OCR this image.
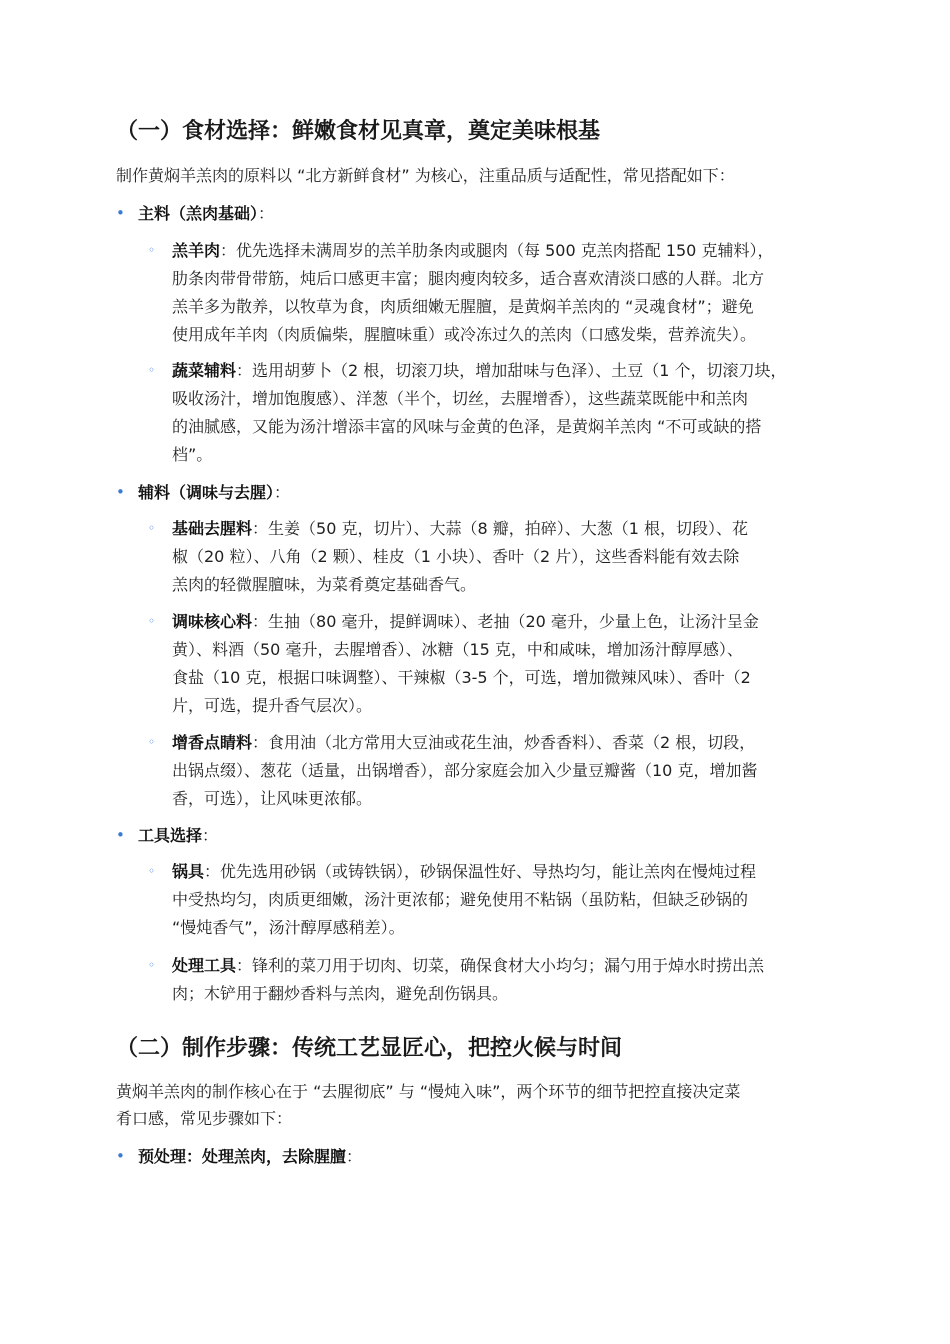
（一）食材选择：鲜嫩食材见真章，奠定美味根基

制作黄焖羊羔肉的原料以 “北方新鲜食材” 为核心，注重品质与适配性，常见搭配如下：

• 主料（羔肉基础）：
◦ 羔羊肉：优先选择未满周岁的羔羊肋条肉或腿肉（每 500 克羔肉搭配 150 克辅料），
肋条肉带骨带筋，炖后口感更丰富；腿肉瘦肉较多，适合喜欢清淡口感的人群。北方
羔羊多为散养，以牧草为食，肉质细嫩无腥膻，是黄焖羊羔肉的 “灵魂食材”；避免
使用成年羊肉（肉质偏柴，腥膻味重）或冷冻过久的羔肉（口感发柴，营养流失）。
◦ 蔬菜辅料：选用胡萝卜（2 根，切滚刀块，增加甜味与色泽）、土豆（1 个，切滚刀块，
吸收汤汁，增加饱腹感）、洋葱（半个，切丝，去腥增香），这些蔬菜既能中和羔肉
的油腻感，又能为汤汁增添丰富的风味与金黄的色泽，是黄焖羊羔肉 “不可或缺的搭
档”。
• 辅料（调味与去腥）：
◦ 基础去腥料：生姜（50 克，切片）、大蒜（8 瓣，拍碎）、大葱（1 根，切段）、花
椒（20 粒）、八角（2 颗）、桂皮（1 小块）、香叶（2 片），这些香料能有效去除
羔肉的轻微腥膻味，为菜肴奠定基础香气。
◦ 调味核心料：生抽（80 毫升，提鲜调味）、老抽（20 毫升，少量上色，让汤汁呈金
黄）、料酒（50 毫升，去腥增香）、冰糖（15 克，中和咸味，增加汤汁醇厚感）、
食盐（10 克，根据口味调整）、干辣椒（3-5 个，可选，增加微辣风味）、香叶（2
片，可选，提升香气层次）。
◦ 增香点睛料：食用油（北方常用大豆油或花生油，炒香香料）、香菜（2 根，切段，
出锅点缀）、葱花（适量，出锅增香），部分家庭会加入少量豆瓣酱（10 克，增加酱
香，可选），让风味更浓郁。
• 工具选择：
◦ 锅具：优先选用砂锅（或铸铁锅），砂锅保温性好、导热均匀，能让羔肉在慢炖过程
中受热均匀，肉质更细嫩，汤汁更浓郁；避免使用不粘锅（虽防粘，但缺乏砂锅的
“慢炖香气”，汤汁醇厚感稍差）。
◦ 处理工具：锋利的菜刀用于切肉、切菜，确保食材大小均匀；漏勺用于焯水时捞出羔
肉；木铲用于翻炒香料与羔肉，避免刮伤锅具。
（二）制作步骤：传统工艺显匠心，把控火候与时间

黄焖羊羔肉的制作核心在于 “去腥彻底” 与 “慢炖入味”，两个环节的细节把控直接决定菜
肴口感，常见步骤如下：

• 预处理：处理羔肉，去除腥膻：
